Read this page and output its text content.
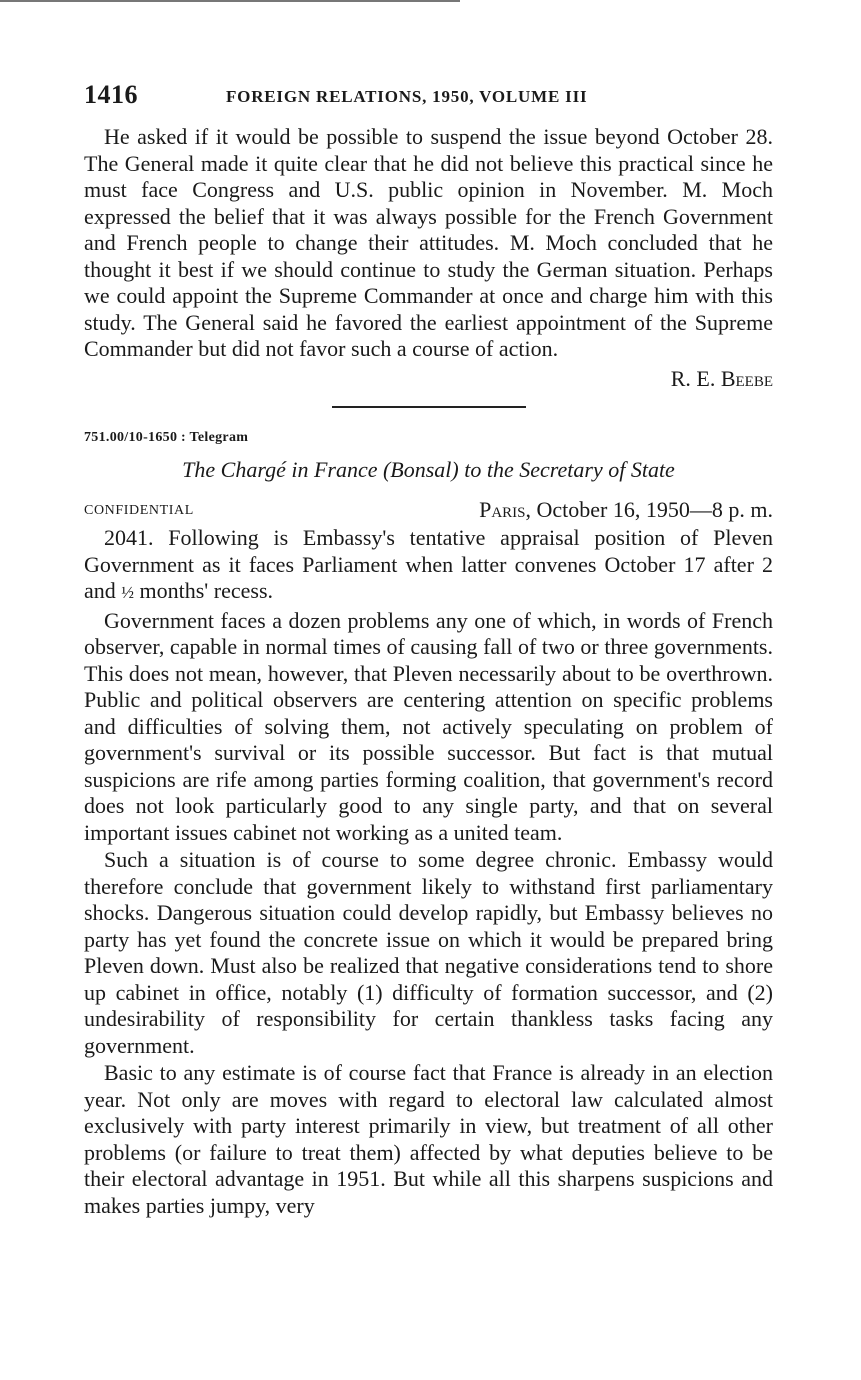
1416	FOREIGN RELATIONS, 1950, VOLUME III

He asked if it would be possible to suspend the issue beyond October 28. The General made it quite clear that he did not believe this practical since he must face Congress and U.S. public opinion in November. M. Moch expressed the belief that it was always possible for the French Government and French people to change their attitudes. M. Moch concluded that he thought it best if we should continue to study the German situation. Perhaps we could appoint the Supreme Commander at once and charge him with this study. The General said he favored the earliest appointment of the Supreme Commander but did not favor such a course of action.

R. E. Beebe
751.00/10-1650 : Telegram
The Chargé in France (Bonsal) to the Secretary of State
CONFIDENTIAL	Paris, October 16, 1950—8 p. m.

2041. Following is Embassy's tentative appraisal position of Pleven Government as it faces Parliament when latter convenes October 17 after 2 and ½ months' recess.

Government faces a dozen problems any one of which, in words of French observer, capable in normal times of causing fall of two or three governments. This does not mean, however, that Pleven necessarily about to be overthrown. Public and political observers are centering attention on specific problems and difficulties of solving them, not actively speculating on problem of government's survival or its possible successor. But fact is that mutual suspicions are rife among parties forming coalition, that government's record does not look particularly good to any single party, and that on several important issues cabinet not working as a united team.

Such a situation is of course to some degree chronic. Embassy would therefore conclude that government likely to withstand first parliamentary shocks. Dangerous situation could develop rapidly, but Embassy believes no party has yet found the concrete issue on which it would be prepared bring Pleven down. Must also be realized that negative considerations tend to shore up cabinet in office, notably (1) difficulty of formation successor, and (2) undesirability of responsibility for certain thankless tasks facing any government.

Basic to any estimate is of course fact that France is already in an election year. Not only are moves with regard to electoral law calculated almost exclusively with party interest primarily in view, but treatment of all other problems (or failure to treat them) affected by what deputies believe to be their electoral advantage in 1951. But while all this sharpens suspicions and makes parties jumpy, very
